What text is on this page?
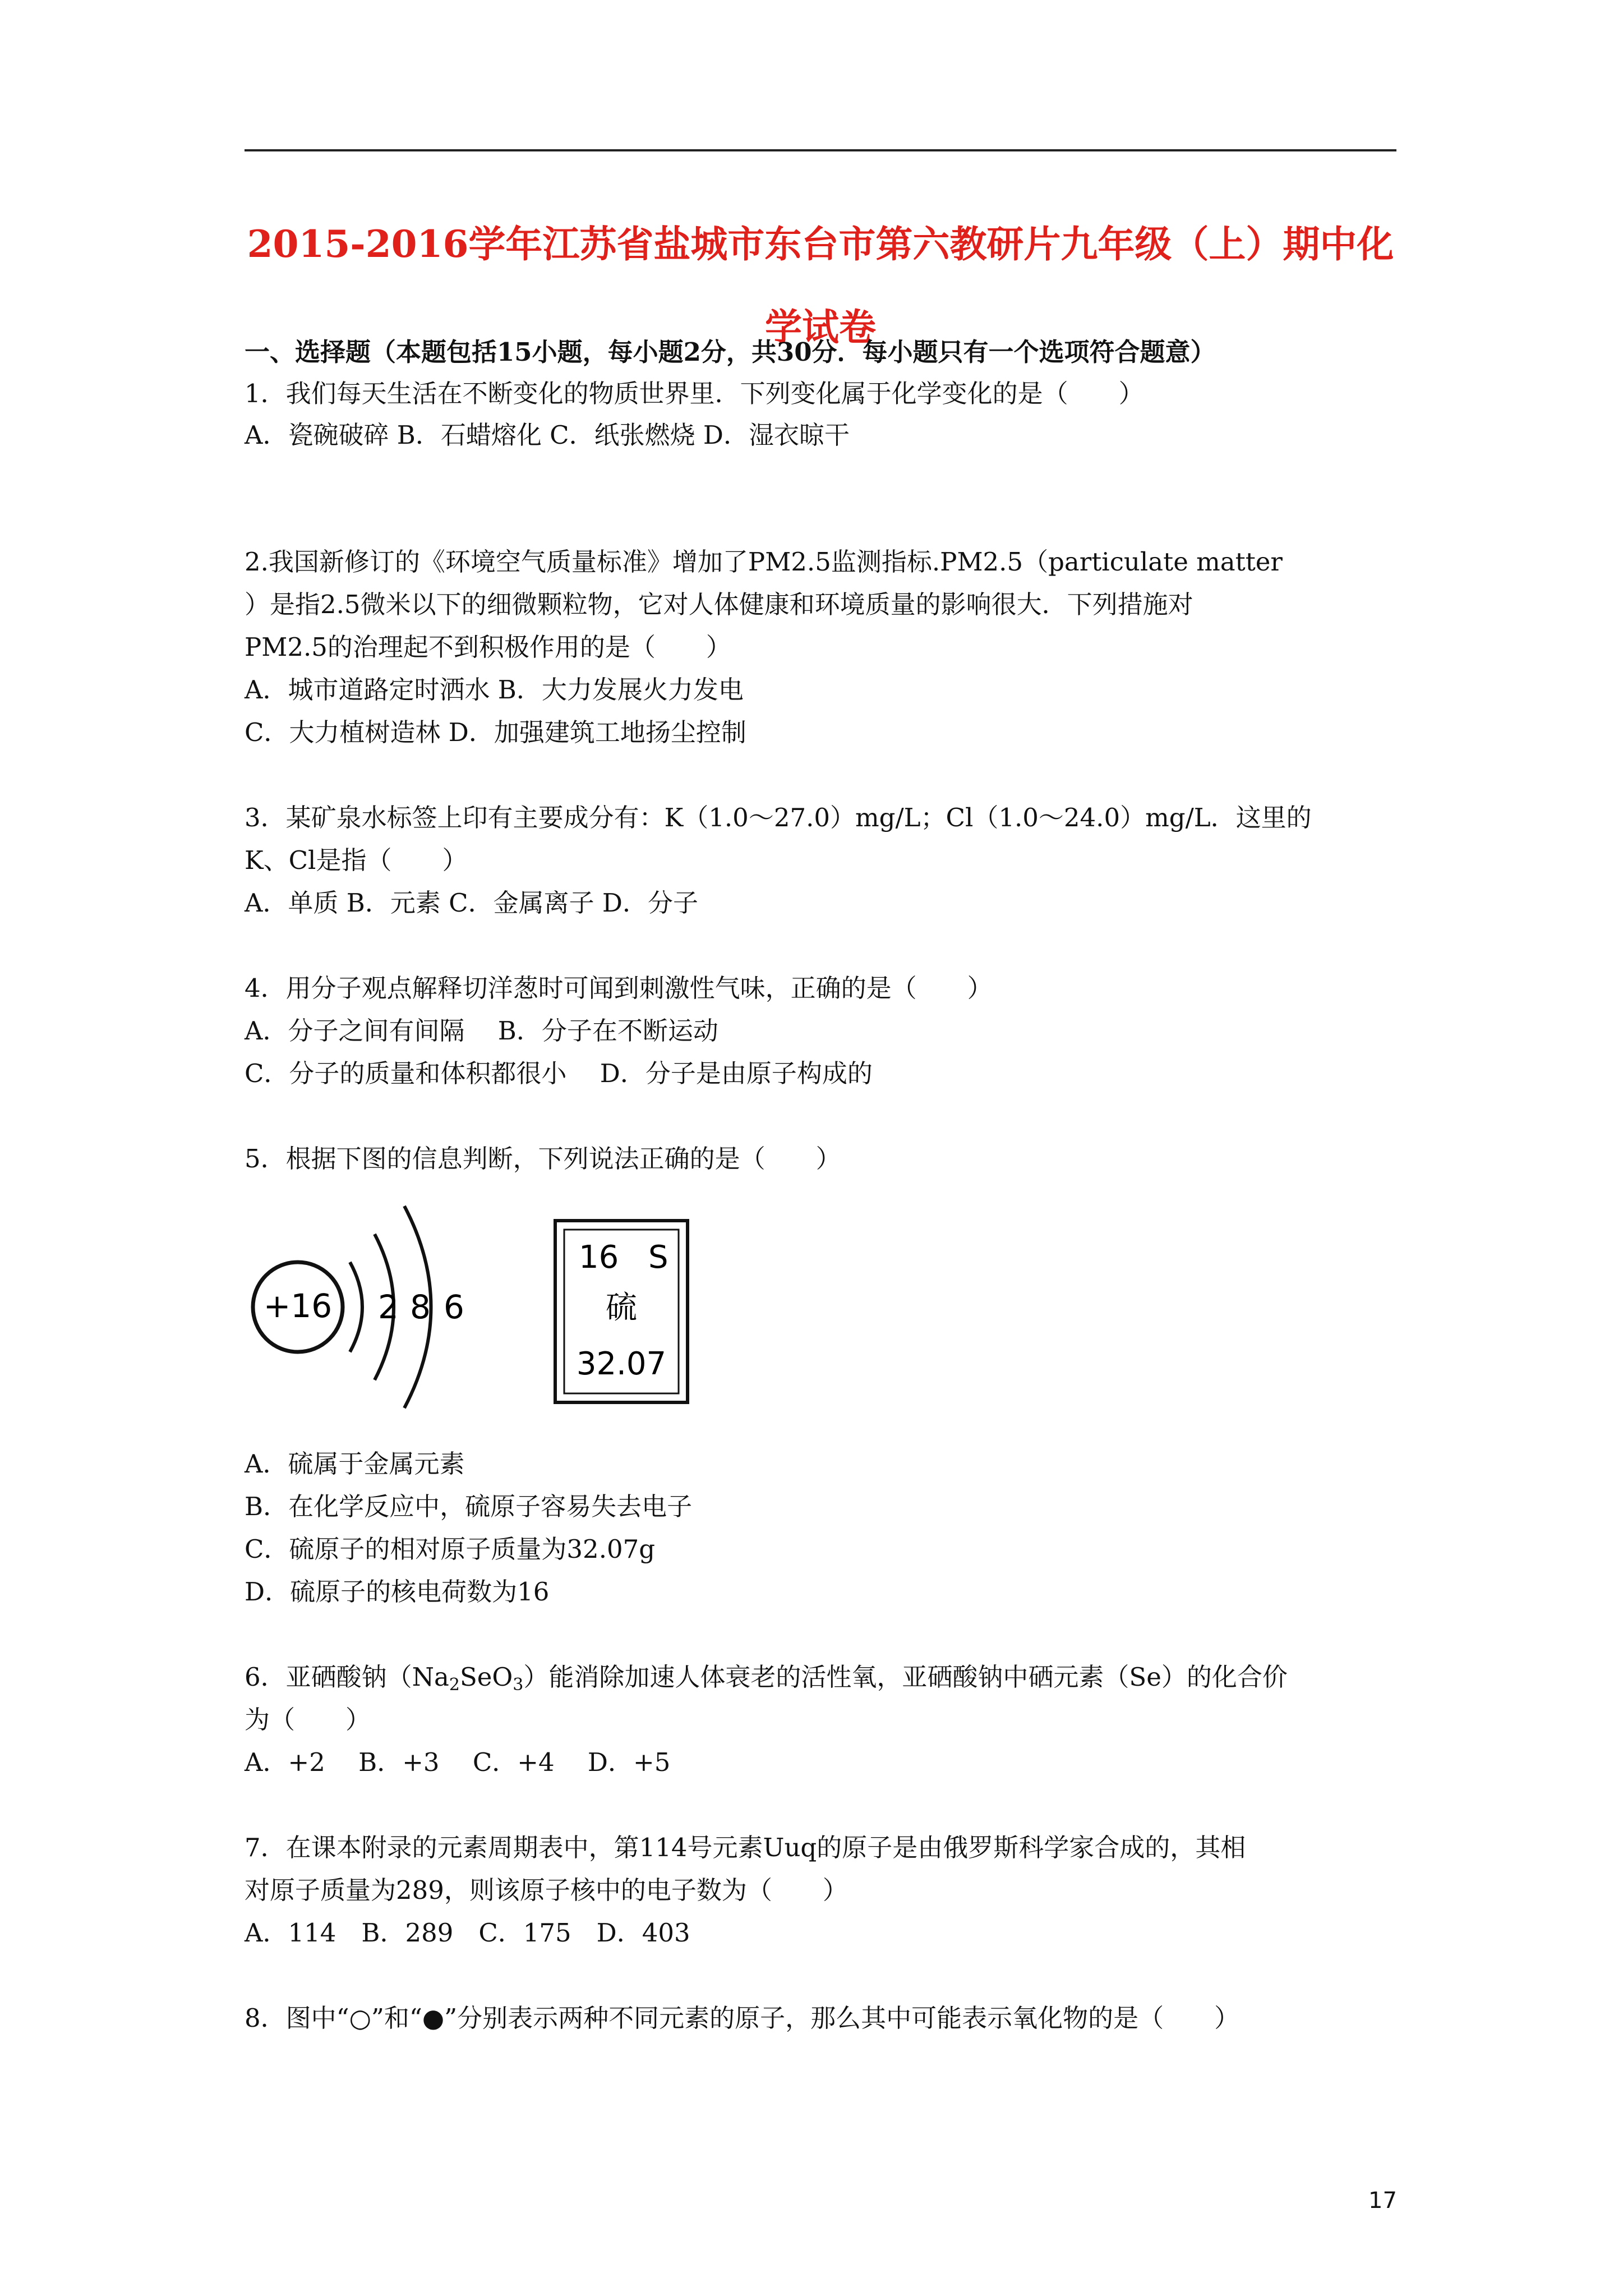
2015-2016学年江苏省盐城市东台市第六教研片九年级（上）期中化
学试卷
一、选择题（本题包括15小题，每小题2分，共30分．每小题只有一个选项符合题意）
1．我们每天生活在不断变化的物质世界里．下列变化属于化学变化的是（　　）
A．瓷碗破碎 B．石蜡熔化 C．纸张燃烧 D．湿衣晾干
2.我国新修订的《环境空气质量标准》增加了PM2.5监测指标.PM2.5（particulate matter
）是指2.5微米以下的细微颗粒物，它对人体健康和环境质量的影响很大．下列措施对
PM2.5的治理起不到积极作用的是（　　）
A．城市道路定时洒水 B．大力发展火力发电
C．大力植树造林 D．加强建筑工地扬尘控制
3．某矿泉水标签上印有主要成分有：K（1.0～27.0）mg/L；Cl（1.0～24.0）mg/L．这里的
K、Cl是指（　　）
A．单质 B．元素 C．金属离子 D．分子
4．用分子观点解释切洋葱时可闻到刺激性气味，正确的是（　　）
A．分子之间有间隔　 B．分子在不断运动
C．分子的质量和体积都很小　 D．分子是由原子构成的
5．根据下图的信息判断，下列说法正确的是（　　）
+16 2 8 6
16 S
硫
32.07
A．硫属于金属元素
B．在化学反应中，硫原子容易失去电子
C．硫原子的相对原子质量为32.07g
D．硫原子的核电荷数为16
6．亚硒酸钠$(Na_2SeO_3)$能消除加速人体衰老的活性氧，亚硒酸钠中硒元素（Se）的化合价
为（　　）
A．+2　 B．+3　 C．+4　 D．+5
7．在课本附录的元素周期表中，第114号元素Uuq的原子是由俄罗斯科学家合成的，其相
对原子质量为289，则该原子核中的电子数为（　　）
A．114　B．289　C．175　D．403
8．图中“○”和“●”分别表示两种不同元素的原子，那么其中可能表示氧化物的是（　　）
17
